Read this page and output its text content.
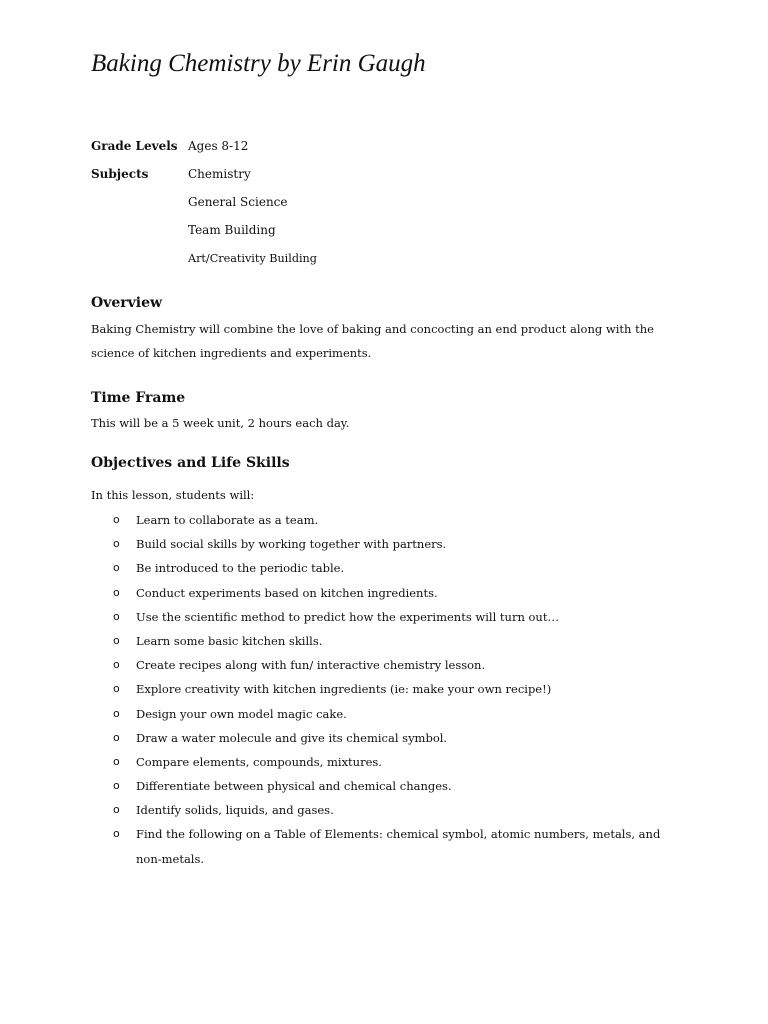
Baking Chemistry by Erin Gaugh
Grade Levels Ages 8-12
Subjects	Chemistry
General Science
Team Building
Art/Creativity Building
Overview

Baking Chemistry will combine the love of baking and concocting an end product along with the science of kitchen ingredients and experiments.

Time Frame

This will be a 5 week unit, 2 hours each day.

Objectives and Life Skills
In this lesson, students will:
o Learn to collaborate as a team.
o Build social skills by working together with partners.
o Be introduced to the periodic table.
o Conduct experiments based on kitchen ingredients.
o Use the scientific method to predict how the experiments will turn out…
o Learn some basic kitchen skills.
o Create recipes along with fun/ interactive chemistry lesson.
o Explore creativity with kitchen ingredients (ie: make your own recipe!)
o Design your own model magic cake.
o Draw a water molecule and give its chemical symbol.
o Compare elements, compounds, mixtures.
o Differentiate between physical and chemical changes.
o Identify solids, liquids, and gases.
o Find the following on a Table of Elements: chemical symbol, atomic numbers, metals, and non-metals.
